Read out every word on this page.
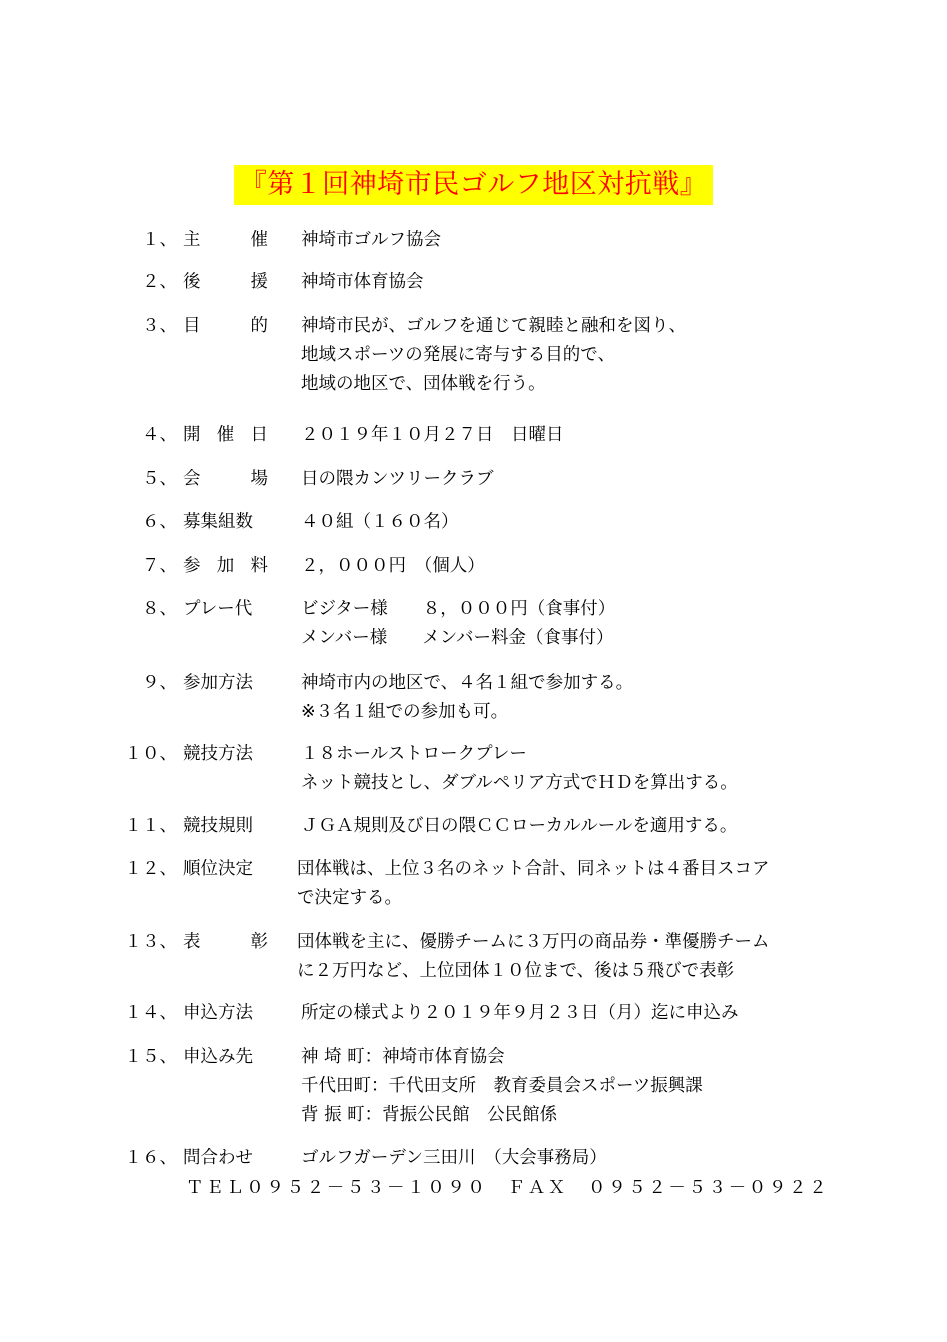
『第１回神埼市民ゴルフ地区対抗戦』
１、 主	催 神埼市ゴルフ協会
２、 後	援 神埼市体育協会
３、 目	的 神埼市民が、ゴルフを通じて親睦と融和を図り、
地域スポーツの発展に寄与する目的で、
地域の地区で、団体戦を行う。
４、 開 催 日 ２０１９年１０月２７日　日曜日
５、 会	場 日の隈カンツリークラブ
６、 募集組数	４０組（１６０名）
７、 参 加 料 ２，０００円　（個人）
８、 プレー代	ビジター様　　８，０００円（食事付）
メンバー様　　メンバー料金（食事付）
９、 参加方法	神埼市内の地区で、４名１組で参加する。
※３名１組での参加も可。
１０、 競技方法	１８ホールストロークプレー
ネット競技とし、ダブルペリア方式でＨＤを算出する。
１１、 競技規則	ＪＧＡ規則及び日の隈ＣＣローカルルールを適用する。
１２、 順位決定	団体戦は、上位３名のネット合計、同ネットは４番目スコア
で決定する。
１３、 表	彰 団体戦を主に、優勝チームに３万円の商品券・準優勝チーム
に２万円など、上位団体１０位まで、後は５飛びで表彰
１４、 申込方法	所定の様式より２０１９年９月２３日（月）迄に申込み
１５、 申込み先	神 埼 町：神埼市体育協会
千代田町：千代田支所　教育委員会スポーツ振興課
背 振 町：背振公民館　公民館係
１６、 問合わせ	ゴルフガーデン三田川　（大会事務局）
ＴＥＬ０９５２－５３－１０９０　ＦＡＸ　０９５２－５３－０９２２
